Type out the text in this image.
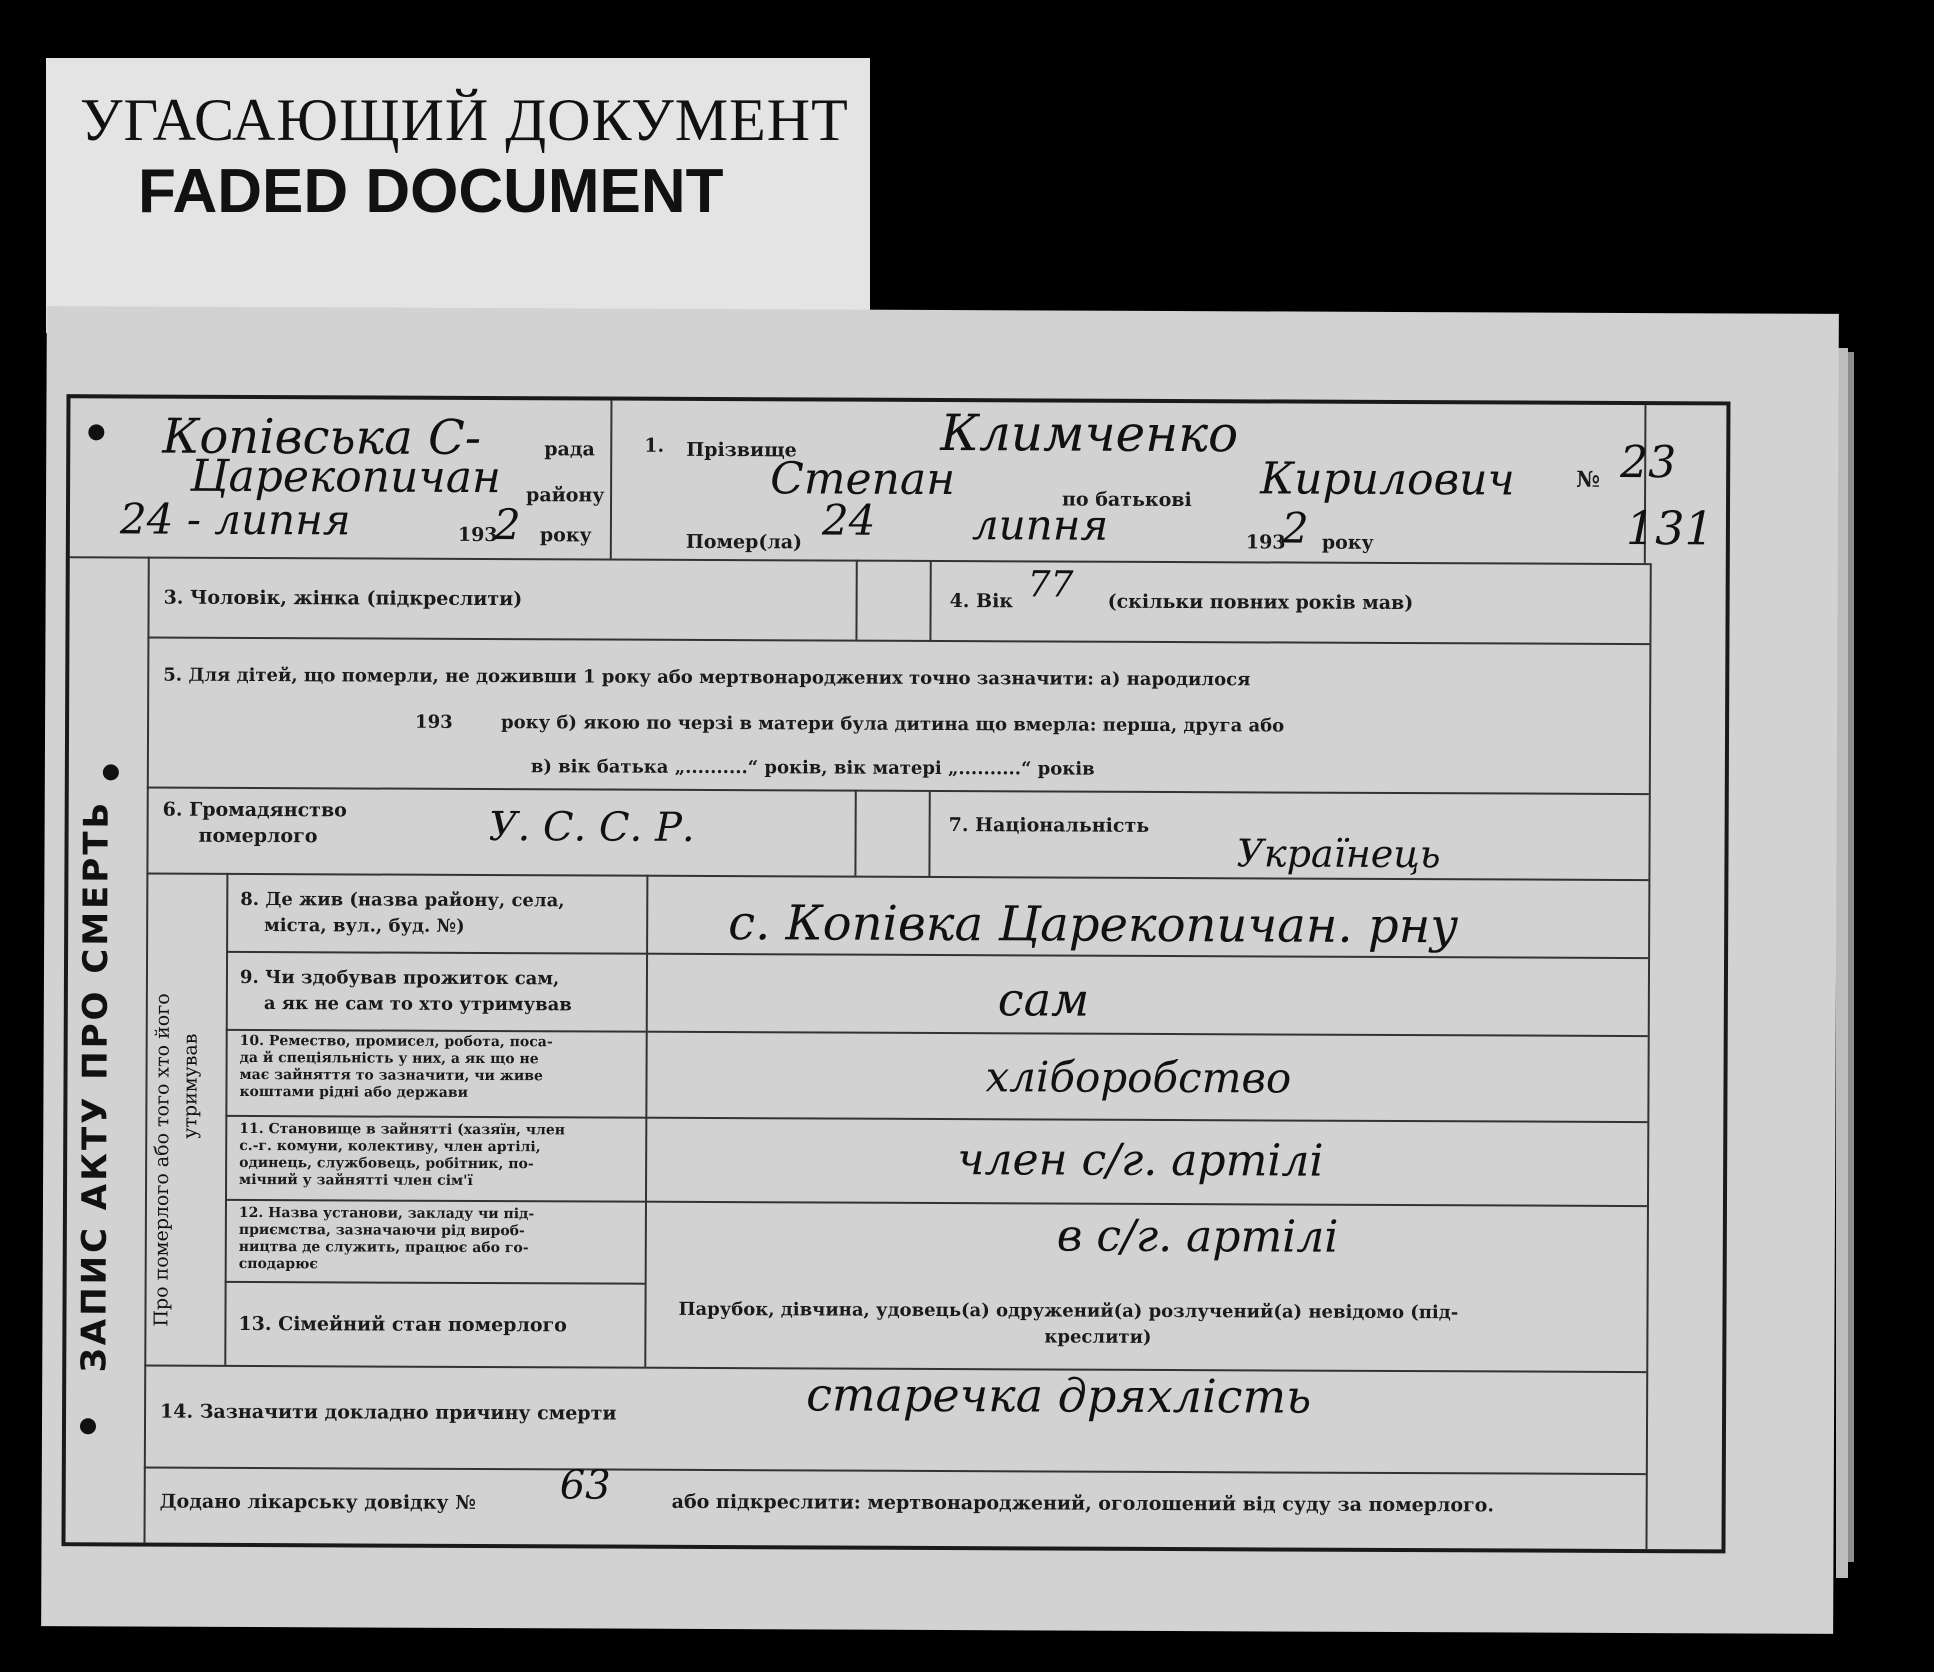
УГАСАЮЩИЙ ДОКУМЕНТ
FADED DOCUMENT
Копівська С-	рада
Царекопичан району
24 - липня	193
2 року
1. Прізвище	Климченко
Степан	по батькові Кирилович
Помер(ла) 24 липня	193
2 року
№ 23
131
3. Чоловік, жінка (підкреслити)	4. Вік 77 (скільки повних років мав)
5. Для дітей, що померли, не доживши 1 року або мертвонароджених точно зазначити: а) народилося
193	року б) якою по черзі в матери була дитина що вмерла: перша, друга або
в) вік батька „..........“ років, вік матері „..........“ років
6. Громадянство
померлого	У. С. С. Р.	7. Національність
Українець
Про померлого або того хто його утримував
8. Де жив (назва району, села,
міста, вул., буд. №)	с. Копівка Царекопичан. рну
9. Чи здобував прожиток сам,
а як не сам то хто утримував	сам
10. Ремество, промисел, робота, поса-
да й спеціяльність у них, а як що не
має зайняття то зазначити, чи живе
коштами рідні або держави	хліборобство
11. Становище в зайнятті (хазяїн, член
с.-г. комуни, колективу, член артілі,
одинець, службовець, робітник, по-
мічний у зайнятті член сім'ї	член с/г. артілі
12. Назва установи, закладу чи під-
приємства, зазначаючи рід вироб-
ництва де служить, працює або го-
сподарює
в с/г. артілі
13. Сімейний стан померлого
Парубок, дівчина, удовець(а) одружений(а) розлучений(а) невідомо (під-
креслити)
14. Зазначити докладно причину смерти	старечка дряхлість
Додано лікарську довідку № 63	або підкреслити: мертвонароджений, оголошений від суду за померлого.
ЗАПИС АКТУ ПРО СМЕРТЬ
